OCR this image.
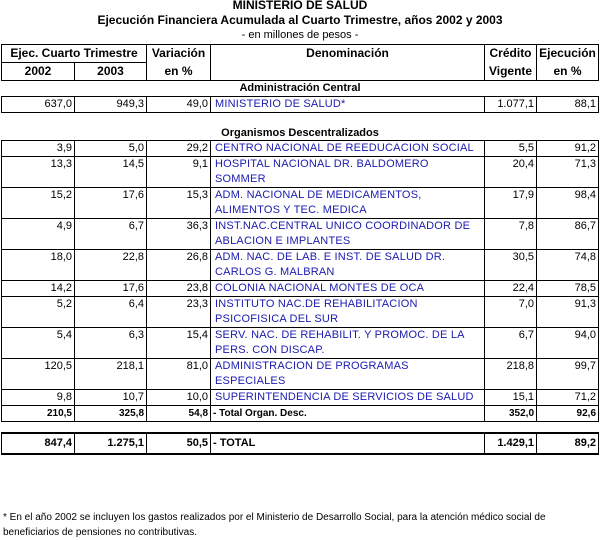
MINISTERIO DE SALUD
Ejecución Financiera Acumulada al Cuarto Trimestre, años 2002 y 2003
- en millones de pesos -
Ejec. Cuarto Trimestre		Variación	Denominación	Crédito	Ejecución
2002	2003	en %		Vigente	en %
Administración Central					
637,0	949,3	49,0	MINISTERIO DE SALUD*	1.077,1	88,1

Organismos Descentralizados					
3,9	5,0	29,2	CENTRO NACIONAL DE REEDUCACION SOCIAL	5,5	91,2
13,3	14,5	9,1	HOSPITAL NACIONAL DR. BALDOMERO SOMMER	20,4	71,3
15,2	17,6	15,3	ADM. NACIONAL DE MEDICAMENTOS, ALIMENTOS Y TEC. MEDICA	17,9	98,4
4,9	6,7	36,3	INST.NAC.CENTRAL UNICO COORDINADOR DE ABLACION E IMPLANTES	7,8	86,7
18,0	22,8	26,8	ADM. NAC. DE LAB. E INST. DE SALUD DR. CARLOS G. MALBRAN	30,5	74,8
14,2	17,6	23,8	COLONIA NACIONAL MONTES DE OCA	22,4	78,5
5,2	6,4	23,3	INSTITUTO NAC.DE REHABILITACION PSICOFISICA DEL SUR	7,0	91,3
5,4	6,3	15,4	SERV. NAC. DE REHABILIT. Y PROMOC. DE LA PERS. CON DISCAP.	6,7	94,0
120,5	218,1	81,0	ADMINISTRACION DE PROGRAMAS ESPECIALES	218,8	99,7
9,8	10,7	10,0	SUPERINTENDENCIA DE SERVICIOS DE SALUD	15,1	71,2
210,5	325,8	54,8	- Total Organ. Desc.	352,0	92,6

847,4	1.275,1	50,5	- TOTAL	1.429,1	89,2
* En el año 2002 se incluyen los gastos realizados por el Ministerio de Desarrollo Social, para la atención médico social de beneficiarios de pensiones no contributivas.
